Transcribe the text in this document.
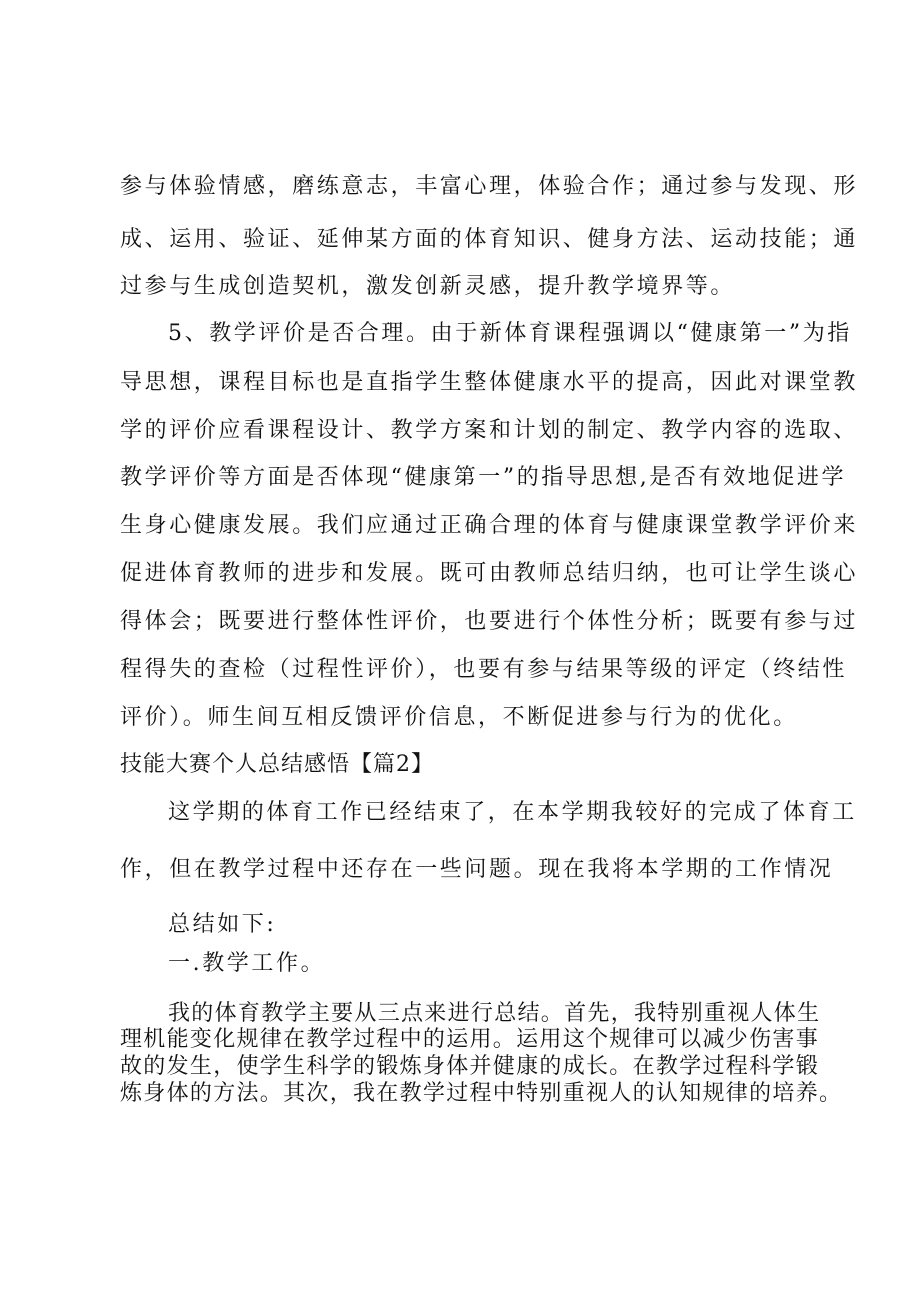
参与体验情感，磨练意志，丰富心理，体验合作；通过参与发现、形
成、运用、验证、延伸某方面的体育知识、健身方法、运动技能；通
过参与生成创造契机，激发创新灵感，提升教学境界等。
5、教学评价是否合理。由于新体育课程强调以“健康第一”为指
导思想，课程目标也是直指学生整体健康水平的提高，因此对课堂教
学的评价应看课程设计、教学方案和计划的制定、教学内容的选取、
教学评价等方面是否体现“健康第一”的指导思想,是否有效地促进学
生身心健康发展。我们应通过正确合理的体育与健康课堂教学评价来
促进体育教师的进步和发展。既可由教师总结归纳，也可让学生谈心
得体会；既要进行整体性评价，也要进行个体性分析；既要有参与过
程得失的查检（过程性评价），也要有参与结果等级的评定（终结性
评价）。师生间互相反馈评价信息，不断促进参与行为的优化。
技能大赛个人总结感悟【篇2】
这学期的体育工作已经结束了，在本学期我较好的完成了体育工
作，但在教学过程中还存在一些问题。现在我将本学期的工作情况
总结如下:
一.教学工作。
我的体育教学主要从三点来进行总结。首先，我特别重视人体生
理机能变化规律在教学过程中的运用。运用这个规律可以减少伤害事
故的发生，使学生科学的锻炼身体并健康的成长。在教学过程科学锻
炼身体的方法。其次，我在教学过程中特别重视人的认知规律的培养。
